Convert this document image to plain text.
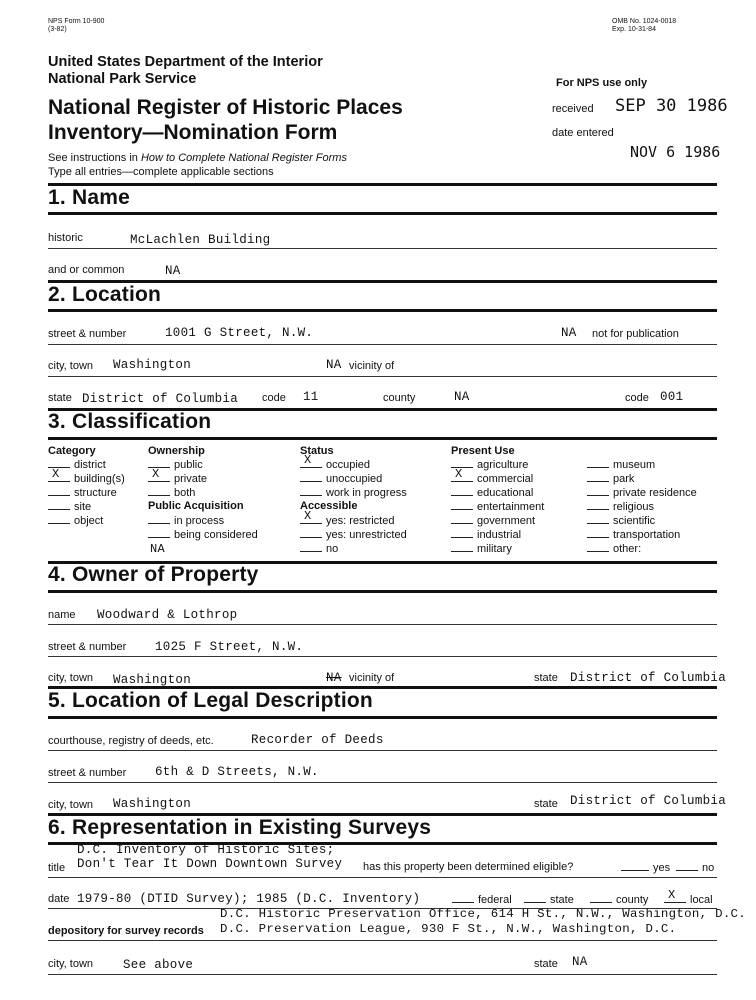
NPS Form 10-900
(3-82)
OMB No. 1024-0018
Exp. 10-31-84
United States Department of the Interior
National Park Service
National Register of Historic Places
Inventory—Nomination Form
See instructions in How to Complete National Register Forms
Type all entries—complete applicable sections
For NPS use only
received SEP 30 1986
date entered
NOV 6 1986
1. Name
historic	McLachlen Building
and or common	NA
2. Location
street & number	1001 G Street, N.W.	NA not for publication
city, town Washington	NA vicinity of
state District of Columbia code 11	county	NA	code 001
3. Classification
Category
district
X building(s)
structure
site
object
Ownership
public
X private
both
Public Acquisition
in process
being considered
NA
Status
X occupied
unoccupied
work in progress
Accessible
X yes: restricted
yes: unrestricted
no
Present Use
agriculture
X commercial
educational
entertainment
government
industrial
military
museum
park
private residence
religious
scientific
transportation
other:
4. Owner of Property
name Woodward & Lothrop
street & number 1025 F Street, N.W.
city, town Washington	NA vicinity of	state District of Columbia
5. Location of Legal Description
courthouse, registry of deeds, etc.	Recorder of Deeds
street & number 6th & D Streets, N.W.
city, town Washington	state District of Columbia
6. Representation in Existing Surveys
D.C. Inventory of Historic Sites;
title Don't Tear It Down Downtown Survey has this property been determined eligible?	yes	no
date 1979-80 (DTID Survey); 1985 (D.C. Inventory)	federal	state	county X local
D.C. Historic Preservation Office, 614 H St., N.W., Washington, D.C.
depository for survey records D.C. Preservation League, 930 F St., N.W., Washington, D.C.
city, town See above	state NA
